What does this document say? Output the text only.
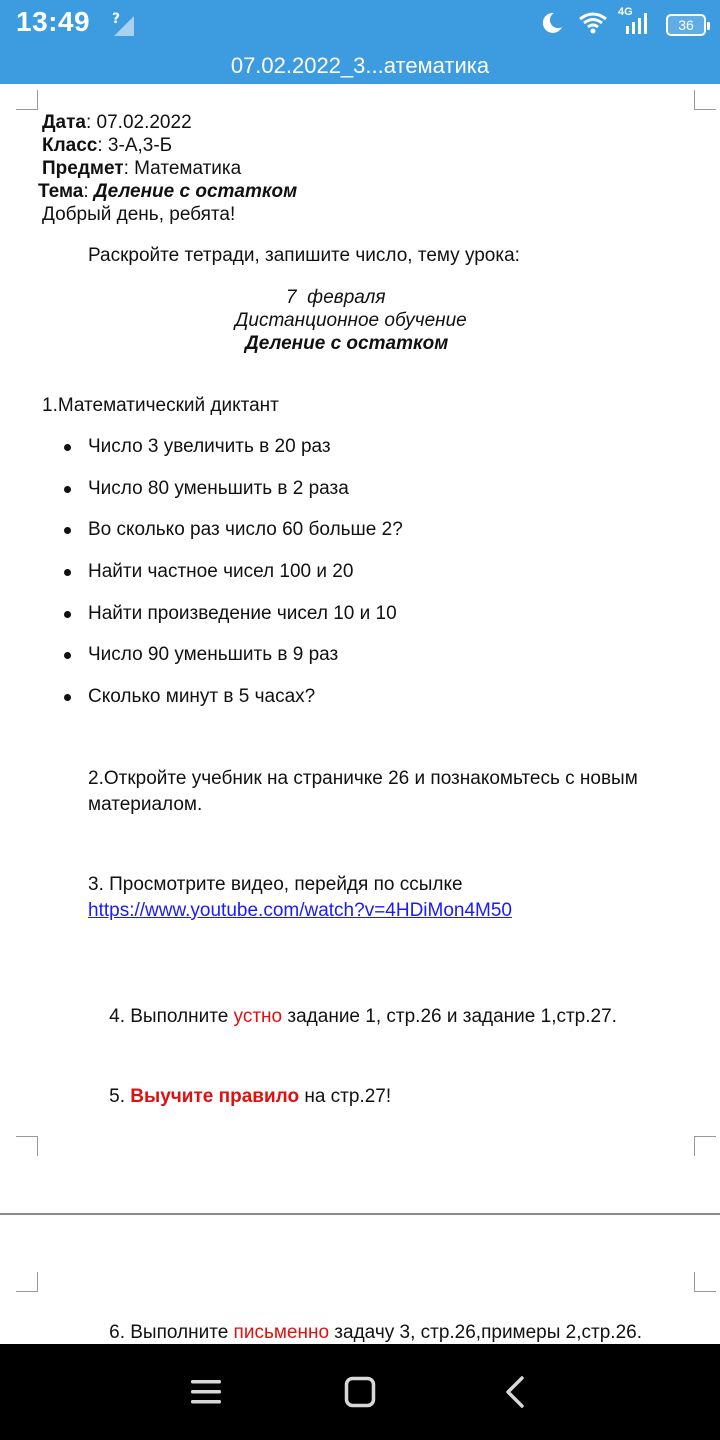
13:49 ?	4G
36
07.02.2022_3...атематика
Дата: 07.02.2022
Класс: 3-А,3-Б
Предмет: Математика
Тема: Деление с остатком
Добрый день, ребята!
Раскройте тетради, запишите число, тему урока:
7  февраля
Дистанционное обучение
Деление с остатком
1.Математический диктант
Число 3 увеличить в 20 раз
Число 80 уменьшить в 2 раза
Во сколько раз число 60 больше 2?
Найти частное чисел 100 и 20
Найти произведение чисел 10 и 10
Число 90 уменьшить в 9 раз
Сколько минут в 5 часах?
2.Откройте учебник на страничке 26 и познакомьтесь с новым
материалом.
3. Просмотрите видео, перейдя по ссылке
https://www.youtube.com/watch?v=4HDiMon4M50

4. Выполните устно задание 1, стр.26 и задание 1,стр.27.

5. Выучите правило на стр.27!

6. Выполните письменно задачу 3, стр.26,примеры 2,стр.26.
